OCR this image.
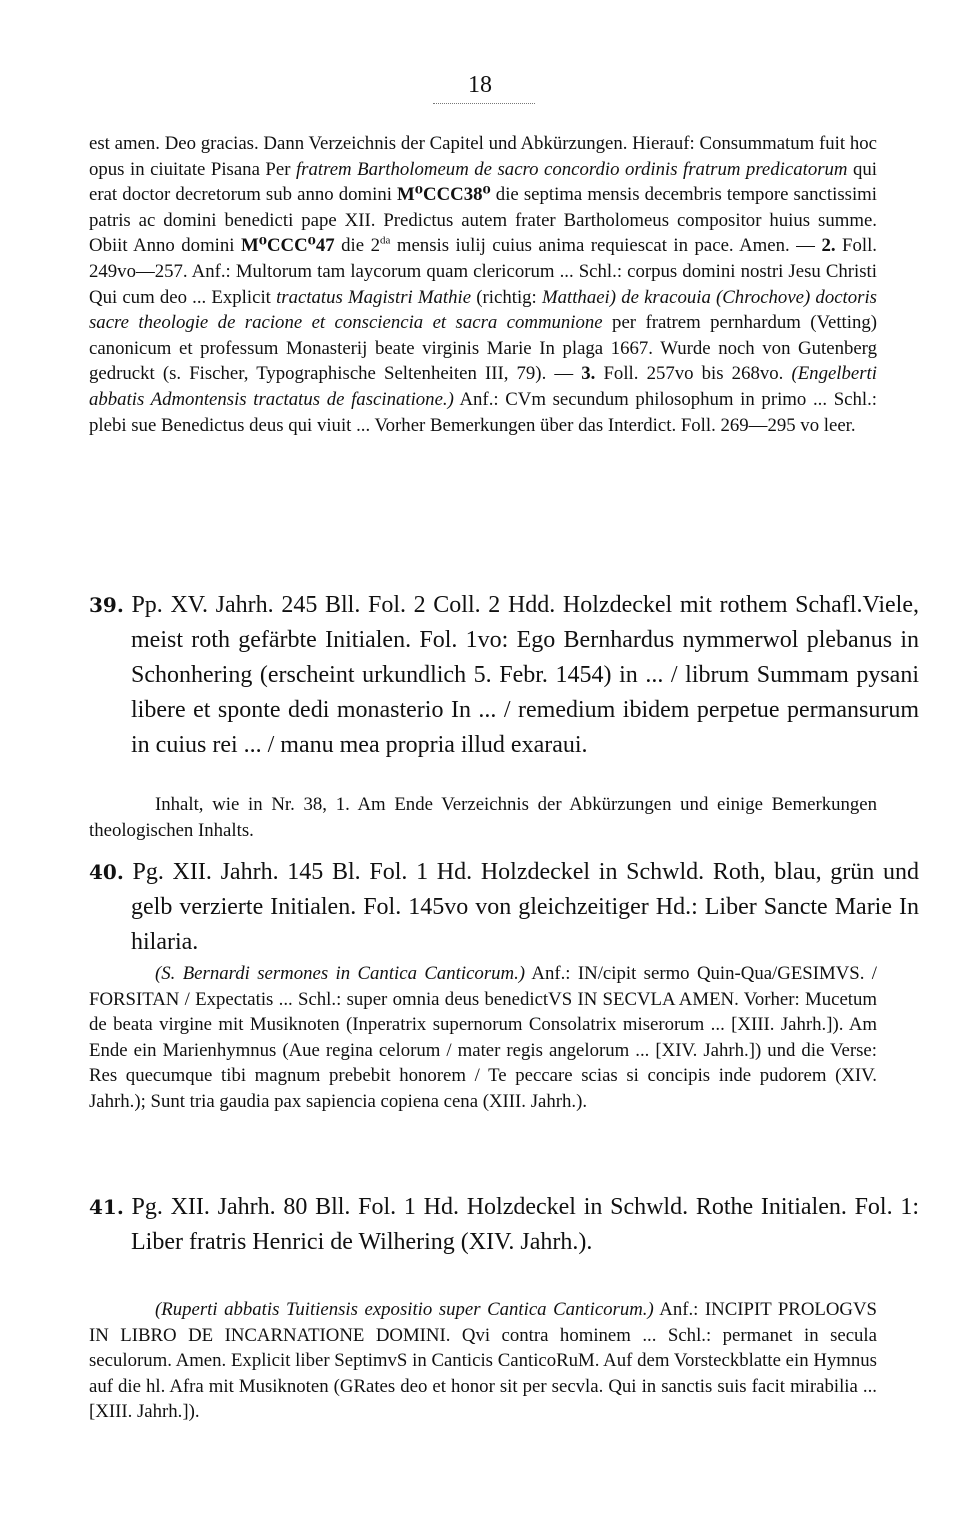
18
est amen. Deo gracias. Dann Verzeichnis der Capitel und Abkürzungen. Hierauf: Consummatum fuit hoc opus in ciuitate Pisana Per fratrem Bartholomeum de sacro concordio ordinis fratrum predicatorum qui erat doctor decretorum sub anno domini M⁰CCC38⁰ die septima mensis decembris tempore sanctissimi patris ac domini benedicti pape XII. Predictus autem frater Bartholomeus compositor huius summe. Obiit Anno domini M⁰CCC⁰47 die $2^{da}$ mensis iulij cuius anima requiescat in pace. Amen. — 2. Foll. 249vo—257. Anf.: Multorum tam laycorum quam clericorum ... Schl.: corpus domini nostri Jesu Christi Qui cum deo ... Explicit tractatus Magistri Mathie (richtig: Matthaei) de kracouia (Chrochove) doctoris sacre theologie de racione et consciencia et sacra communione per fratrem pernhardum (Vetting) canonicum et professum Monasterij beate virginis Marie In plaga 1667. Wurde noch von Gutenberg gedruckt (s. Fischer, Typographische Seltenheiten III, 79). — 3. Foll. 257vo bis 268vo. (Engelberti abbatis Admontensis tractatus de fascinatione.) Anf.: CVm secundum philosophum in primo ... Schl.: plebi sue Benedictus deus qui viuit ... Vorher Bemerkungen über das Interdict. Foll. 269—295 vo leer.
39. Pp. XV. Jahrh. 245 Bll. Fol. 2 Coll. 2 Hdd. Holzdeckel mit rothem Schafl.Viele, meist roth gefärbte Initialen. Fol. 1vo: Ego Bernhardus nymmerwol plebanus in Schonhering (erscheint urkundlich 5. Febr. 1454) in ... / librum Summam pysani libere et sponte dedi monasterio In ... / remedium ibidem perpetue permansurum in cuius rei ... / manu mea propria illud exaraui.
Inhalt, wie in Nr. 38, 1. Am Ende Verzeichnis der Abkürzungen und einige Bemerkungen theologischen Inhalts.
40. Pg. XII. Jahrh. 145 Bl. Fol. 1 Hd. Holzdeckel in Schwld. Roth, blau, grün und gelb verzierte Initialen. Fol. 145vo von gleichzeitiger Hd.: Liber Sancte Marie In hilaria.
(S. Bernardi sermones in Cantica Canticorum.) Anf.: IN/cipit sermo Quin-Qua/GESIMVS. / FORSITAN / Expectatis ... Schl.: super omnia deus benedictVS IN SECVLA AMEN. Vorher: Mucetum de beata virgine mit Musiknoten (Inperatrix supernorum Consolatrix miserorum ... [XIII. Jahrh.]). Am Ende ein Marienhymnus (Aue regina celorum / mater regis angelorum ... [XIV. Jahrh.]) und die Verse: Res quecumque tibi magnum prebebit honorem / Te peccare scias si concipis inde pudorem (XIV. Jahrh.); Sunt tria gaudia pax sapiencia copiena cena (XIII. Jahrh.).
41. Pg. XII. Jahrh. 80 Bll. Fol. 1 Hd. Holzdeckel in Schwld. Rothe Initialen. Fol. 1: Liber fratris Henrici de Wilhering (XIV. Jahrh.).
(Ruperti abbatis Tuitiensis expositio super Cantica Canticorum.) Anf.: INCIPIT PROLOGVS IN LIBRO DE INCARNATIONE DOMINI. Qvi contra hominem ... Schl.: permanet in secula seculorum. Amen. Explicit liber SeptimvS in Canticis CanticoRuM. Auf dem Vorsteckblatte ein Hymnus auf die hl. Afra mit Musiknoten (GRates deo et honor sit per secvla. Qui in sanctis suis facit mirabilia ... [XIII. Jahrh.]).
